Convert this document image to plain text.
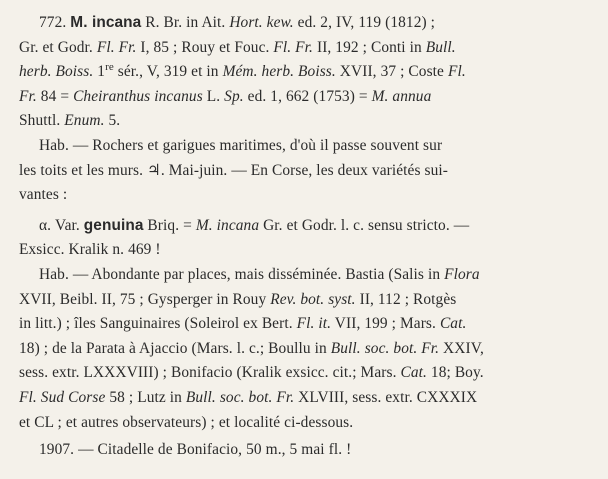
772. M. incana R. Br. in Ait. Hort. kew. ed. 2, IV, 119 (1812) ;

Gr. et Godr. Fl. Fr. I, 85 ; Rouy et Fouc. Fl. Fr. II, 192 ; Conti in Bull.

herb. Boiss. 1re sér., V, 319 et in Mém. herb. Boiss. XVII, 37 ; Coste Fl.

Fr. 84 = Cheiranthus incanus L. Sp. ed. 1, 662 (1753) = M. annua

Shuttl. Enum. 5.

Hab. — Rochers et garigues maritimes, d'où il passe souvent sur

les toits et les murs. ♃. Mai-juin. — En Corse, les deux variétés sui-

vantes :

α. Var. genuina Briq. = M. incana Gr. et Godr. l. c. sensu stricto. —

Exsicc. Kralik n. 469 !

Hab. — Abondante par places, mais disséminée. Bastia (Salis in Flora

XVII, Beibl. II, 75 ; Gysperger in Rouy Rev. bot. syst. II, 112 ; Rotgès

in litt.) ; îles Sanguinaires (Soleirol ex Bert. Fl. it. VII, 199 ; Mars. Cat.

18) ; de la Parata à Ajaccio (Mars. l. c.; Boullu in Bull. soc. bot. Fr. XXIV,

sess. extr. LXXXVIII) ; Bonifacio (Kralik exsicc. cit.; Mars. Cat. 18; Boy.

Fl. Sud Corse 58 ; Lutz in Bull. soc. bot. Fr. XLVIII, sess. extr. CXXXIX

et CL ; et autres observateurs) ; et localité ci-dessous.

1907. — Citadelle de Bonifacio, 50 m., 5 mai fl. !
